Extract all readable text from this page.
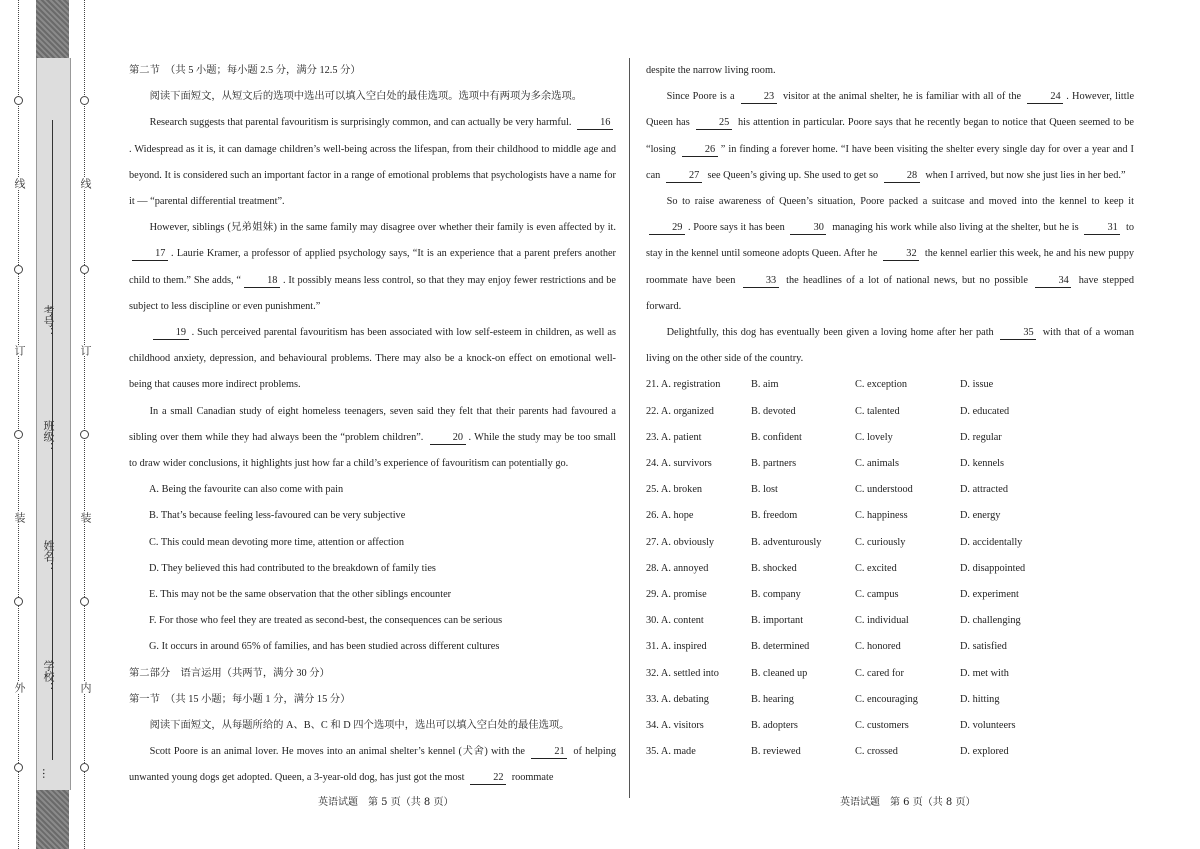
外
装
订
线
内
装
订
线
学校：
姓名：
班级：
考号：
…

第二节　（共 5 小题；每小题 2.5 分，满分 12.5 分）

阅读下面短文，从短文后的选项中选出可以填入空白处的最佳选项。选项中有两项为多余选项。

Research suggests that parental favouritism is surprisingly common, and can actually be very harmful.	16. Widespread as it is, it can damage children’s well-being across the lifespan, from their childhood to middle age and beyond. It is considered such an important factor in a range of emotional problems that psychologists have a name for it — “parental differential treatment”.

However, siblings (兄弟姐妹) in the same family may disagree over whether their family is even affected by it. 17 . Laurie Kramer, a professor of applied psychology says, “It is an experience that a parent prefers another child to them.” She adds, “	18 . It possibly means less control, so that they may enjoy fewer restrictions and be subject to less discipline or even punishment.”

19 . Such perceived parental favouritism has been associated with low self-esteem in children, as well as childhood anxiety, depression, and behavioural problems. There may also be a knock-on effect on emotional well-being that causes more indirect problems.

In a small Canadian study of eight homeless teenagers, seven said they felt that their parents had favoured a sibling over them while they had always been the “problem children”.	20 . While the study may be too small to draw wider conclusions, it highlights just how far a child’s experience of favouritism can potentially go.

A. Being the favourite can also come with pain

B. That’s because feeling less-favoured can be very subjective

C. This could mean devoting more time, attention or affection

D. They believed this had contributed to the breakdown of family ties

E. This may not be the same observation that the other siblings encounter

F. For those who feel they are treated as second-best, the consequences can be serious

G. It occurs in around 65% of families, and has been studied across different cultures

第二部分　语言运用（共两节，满分 30 分）

第一节　（共 15 小题；每小题 1 分，满分 15 分）

阅读下面短文，从每题所给的 A、B、C 和 D 四个选项中，选出可以填入空白处的最佳选项。

Scott Poore is an animal lover. He moves into an animal shelter’s kennel (犬舍) with the	21 of helping unwanted young dogs get adopted. Queen, a 3-year-old dog, has just got the most	22 roommate

despite the narrow living room.

Since Poore is a	23 visitor at the animal shelter, he is familiar with all of the	24 . However, little Queen has	25 his attention in particular. Poore says that he recently began to notice that Queen seemed to be “losing	26 ” in finding a forever home. “I have been visiting the shelter every single day for over a year and I can	27 see Queen’s giving up. She used to get so	28 when I arrived, but now she just lies in her bed.”

So to raise awareness of Queen’s situation, Poore packed a suitcase and moved into the kennel to keep it 29 . Poore says it has been	30 managing his work while also living at the shelter, but he is	31 to stay in the kennel until someone adopts Queen. After he	32 the kennel earlier this week, he and his new puppy roommate have been	33 the headlines of a lot of national news, but no possible	34 have stepped forward.

Delightfully, this dog has eventually been given a loving home after her path	35 with that of a woman living on the other side of the country.

21. A. registration	B. aim	C. exception	D. issue
22. A. organized	B. devoted	C. talented	D. educated
23. A. patient	B. confident	C. lovely	D. regular
24. A. survivors	B. partners	C. animals	D. kennels
25. A. broken	B. lost	C. understood	D. attracted
26. A. hope	B. freedom	C. happiness	D. energy
27. A. obviously	B. adventurously	C. curiously	D. accidentally
28. A. annoyed	B. shocked	C. excited	D. disappointed
29. A. promise	B. company	C. campus	D. experiment
30. A. content	B. important	C. individual	D. challenging
31. A. inspired	B. determined	C. honored	D. satisfied
32. A. settled into	B. cleaned up	C. cared for	D. met with
33. A. debating	B. hearing	C. encouraging	D. hitting
34. A. visitors	B. adopters	C. customers	D. volunteers
35. A. made	B. reviewed	C. crossed	D. explored
英语试题　第 5 页（共 8 页）	英语试题　第 6 页（共 8 页）
